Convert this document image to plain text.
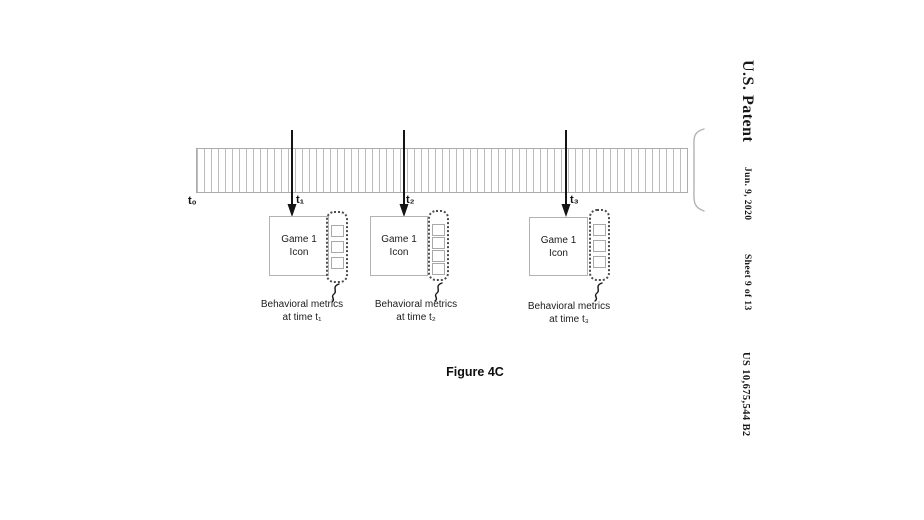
t₀	t₁
Game 1
Icon
Behavioral metrics
at time t₁
t₂
Game 1
Icon
Behavioral metrics
at time t₂
t₃
Game 1
Icon
Behavioral metrics
at time t₃
Figure 4C
U.S. Patent
Jun. 9, 2020
Sheet 9 of 13
US 10,675,544 B2
